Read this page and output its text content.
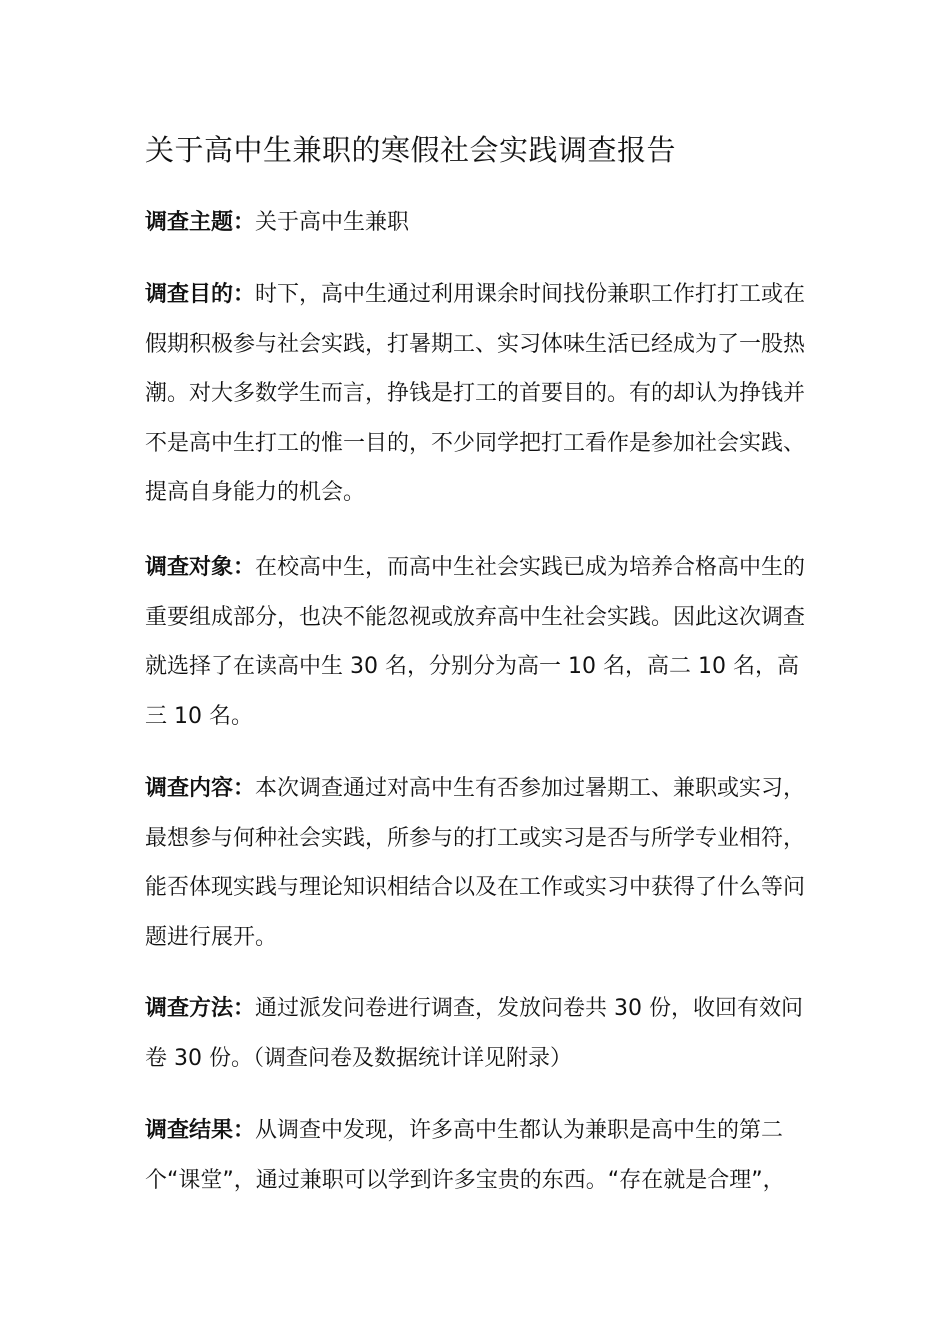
关于高中生兼职的寒假社会实践调查报告

调查主题：关于高中生兼职

调查目的：时下，高中生通过利用课余时间找份兼职工作打打工或在假期积极参与社会实践，打暑期工、实习体味生活已经成为了一股热潮。对大多数学生而言，挣钱是打工的首要目的。有的却认为挣钱并不是高中生打工的惟一目的，不少同学把打工看作是参加社会实践、提高自身能力的机会。

调查对象：在校高中生，而高中生社会实践已成为培养合格高中生的重要组成部分，也决不能忽视或放弃高中生社会实践。因此这次调查就选择了在读高中生 30 名，分别分为高一 10 名，高二 10 名，高三 10 名。

调查内容：本次调查通过对高中生有否参加过暑期工、兼职或实习，最想参与何种社会实践，所参与的打工或实习是否与所学专业相符，能否体现实践与理论知识相结合以及在工作或实习中获得了什么等问题进行展开。

调查方法：通过派发问卷进行调查，发放问卷共 30 份，收回有效问卷 30 份。（调查问卷及数据统计详见附录）

调查结果：从调查中发现，许多高中生都认为兼职是高中生的第二个“课堂”，通过兼职可以学到许多宝贵的东西。“存在就是合理”，
